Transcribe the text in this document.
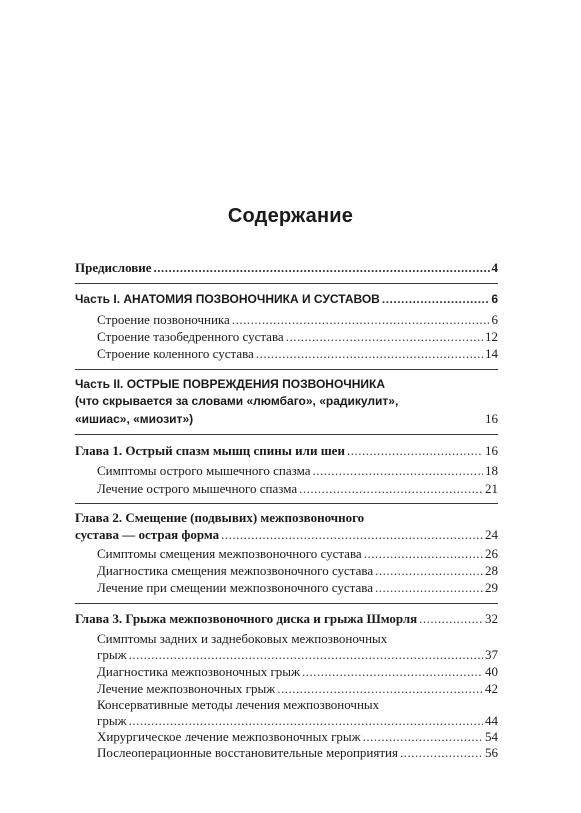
Содержание
Предисловие .....	4
Часть I. АНАТОМИЯ ПОЗВОНОЧНИКА И СУСТАВОВ .....	6
Строение позвоночника .....	6
Строение тазобедренного сустава .....	12
Строение коленного сустава .....	14
Часть II. ОСТРЫЕ ПОВРЕЖДЕНИЯ ПОЗВОНОЧНИКА
(что скрывается за словами «люмбаго», «радикулит»,
«ишиас», «миозит»)	16
Глава 1. Острый спазм мышц спины или шеи .....	16
Симптомы острого мышечного спазма .....	18
Лечение острого мышечного спазма .....	21
Глава 2. Смещение (подвывих) межпозвоночного
сустава — острая форма .....	24
Симптомы смещения межпозвоночного сустава .....	26
Диагностика смещения межпозвоночного сустава .....	28
Лечение при смещении межпозвоночного сустава .....	29
Глава 3. Грыжа межпозвоночного диска и грыжа Шморля .....	32
Симптомы задних и заднебоковых межпозвоночных
грыж .....	37
Диагностика межпозвоночных грыж .....	40
Лечение межпозвоночных грыж .....	42
Консервативные методы лечения межпозвоночных
грыж .....	44
Хирургическое лечение межпозвоночных грыж .....	54
Послеоперационные восстановительные мероприятия .....	56
